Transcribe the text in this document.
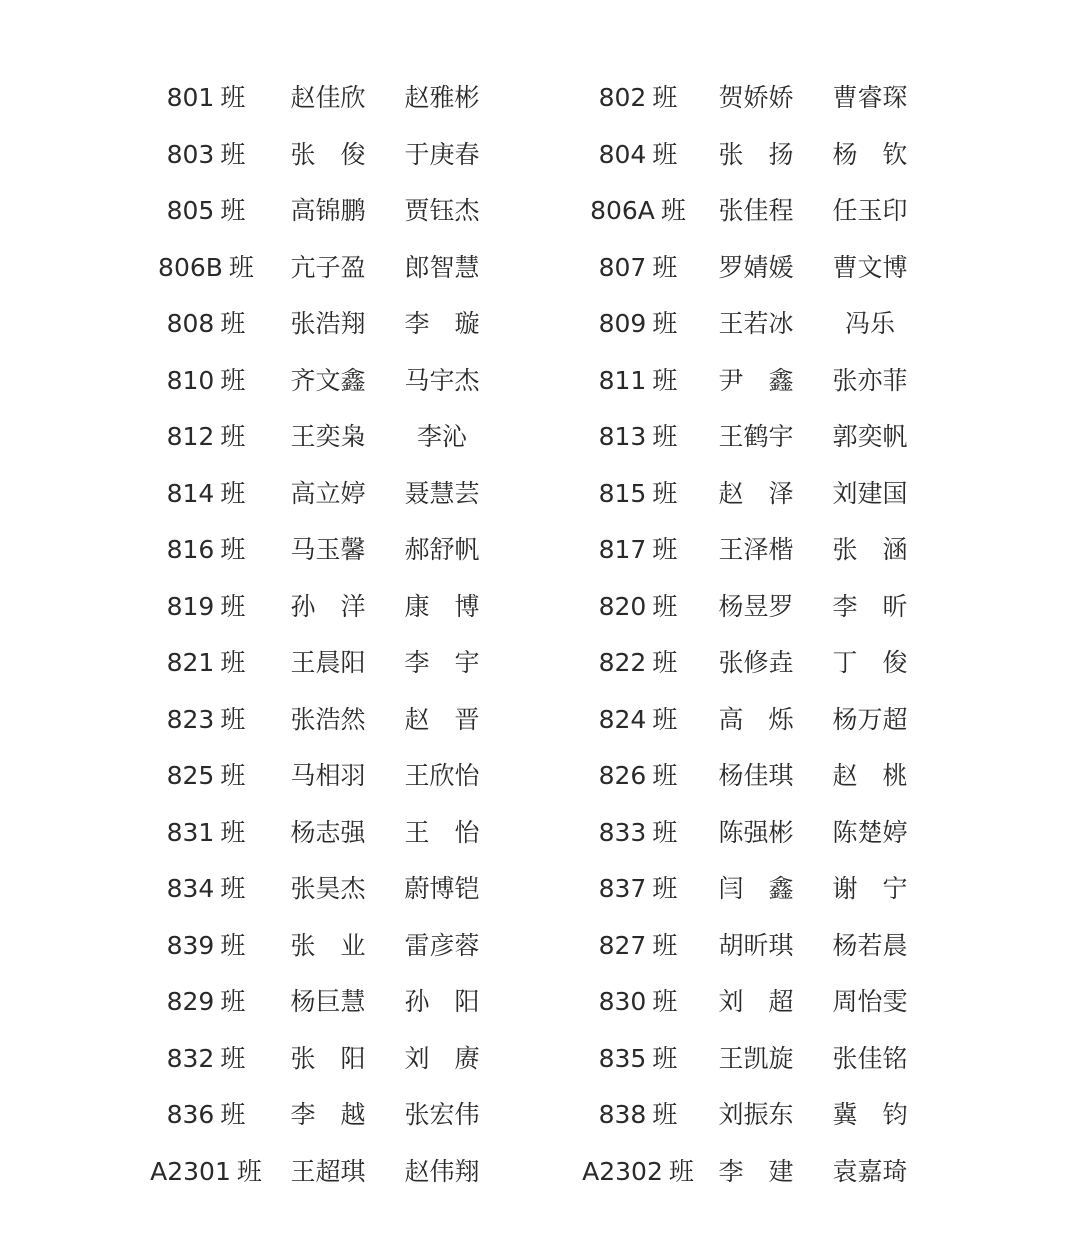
801 班	赵佳欣	赵雅彬	802 班	贺娇娇	曹睿琛
803 班	张　俊	于庚春	804 班	张　扬	杨　钦
805 班	高锦鹏	贾钰杰	806A 班	张佳程	任玉印
806B 班	亢子盈	郎智慧	807 班	罗婧媛	曹文博
808 班	张浩翔	李　璇	809 班	王若冰	冯乐
810 班	齐文鑫	马宇杰	811 班	尹　鑫	张亦菲
812 班	王奕枭	李沁	813 班	王鹤宇	郭奕帆
814 班	高立婷	聂慧芸	815 班	赵　泽	刘建国
816 班	马玉馨	郝舒帆	817 班	王泽楷	张　涵
819 班	孙　洋	康　博	820 班	杨昱罗	李　昕
821 班	王晨阳	李　宇	822 班	张修垚	丁　俊
823 班	张浩然	赵　晋	824 班	高　烁	杨万超
825 班	马相羽	王欣怡	826 班	杨佳琪	赵　桃
831 班	杨志强	王　怡	833 班	陈强彬	陈楚婷
834 班	张昊杰	蔚博铠	837 班	闫　鑫	谢　宁
839 班	张　业	雷彦蓉	827 班	胡昕琪	杨若晨
829 班	杨巨慧	孙　阳	830 班	刘　超	周怡雯
832 班	张　阳	刘　赓	835 班	王凯旋	张佳铭
836 班	李　越	张宏伟	838 班	刘振东	冀　钧
A2301 班	王超琪	赵伟翔	A2302 班 李　建	袁嘉琦
